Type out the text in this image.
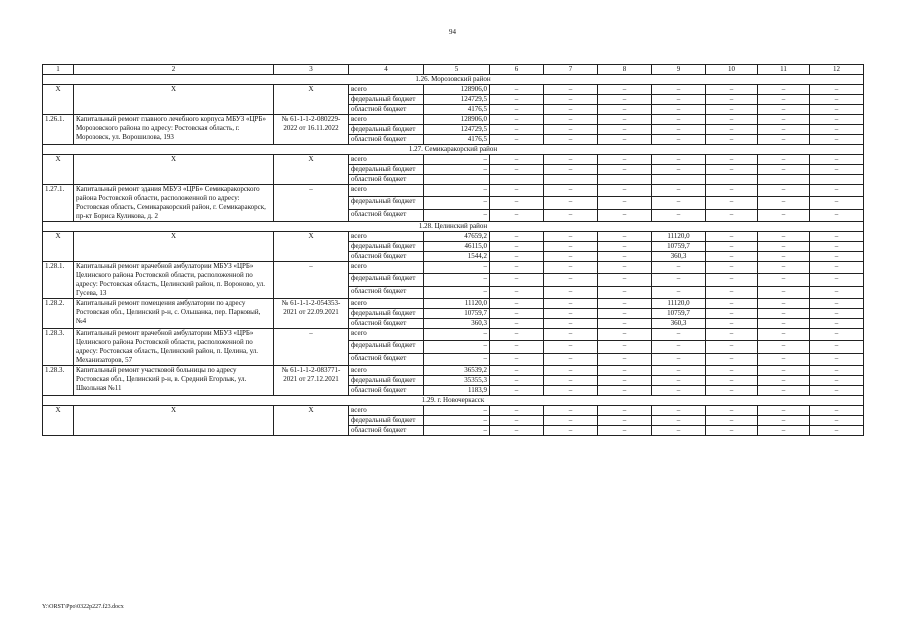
94
1	2	3	4	5	6	7	8	9	10	11	12
1.26. Морозовский район											
Х	Х	Х	всего	128906,0	–	–	–	–	–	–	–
			федеральный бюджет	124729,5	–	–	–	–	–	–	–
			областной бюджет	4176,5	–	–	–	–	–	–	–
1.26.1.	Капитальный ремонт главного лечебного корпуса МБУЗ «ЦРБ» Морозовского района по адресу: Ростовская область, г. Морозовск, ул. Ворошилова, 193	№ 61-1-1-2-080229-2022 от 16.11.2022	всего	128906,0	–	–	–	–	–	–	–
			федеральный бюджет	124729,5	–	–	–	–	–	–	–
			областной бюджет	4176,5	–	–	–	–	–	–	–
1.27. Семикаракорский район											
Х	Х	Х	всего	–	–	–	–	–	–	–	–
			федеральный бюджет	–	–	–	–	–	–	–	–
			областной бюджет								
1.27.1.	Капитальный ремонт здания МБУЗ «ЦРБ» Семикаракорского района Ростовской области, расположенной по адресу: Ростовская область, Семикаракорский район, г. Семикаракорск, пр-кт Бориса Куликова, д. 2	–	всего	–	–	–	–	–	–	–	–
			федеральный бюджет	–	–	–	–	–	–	–	–
			областной бюджет	–	–	–	–	–	–	–	–
1.28. Целинский район											
Х	Х	Х	всего	47659,2	–	–	–	11120,0	–	–	–
			федеральный бюджет	46115,0	–	–	–	10759,7	–	–	–
			областной бюджет	1544,2	–	–	–	360,3	–	–	–
1.28.1.	Капитальный ремонт врачебной амбулатории МБУЗ «ЦРБ» Целинского района Ростовской области, расположенной по адресу: Ростовская область, Целинский район, п. Вороново, ул. Гусева, 13	–	всего	–	–	–	–	–	–	–	–
			федеральный бюджет	–	–	–	–	–	–	–	–
			областной бюджет	–	–	–	–	–	–	–	–
1.28.2.	Капитальный ремонт помещения амбулатории по адресу Ростовская обл., Целинский р-н, с. Ольшанка, пер. Парковый, №4	№ 61-1-1-2-054353-2021 от 22.09.2021	всего	11120,0	–	–	–	11120,0	–	–	–
			федеральный бюджет	10759,7	–	–	–	10759,7	–	–	–
			областной бюджет	360,3	–	–	–	360,3	–	–	–
1.28.3.	Капитальный ремонт врачебной амбулатории МБУЗ «ЦРБ» Целинского района Ростовской области, расположенной по адресу: Ростовская область, Целинский район, п. Целина, ул. Механизаторов, 57	–	всего	–	–	–	–	–	–	–	–
			федеральный бюджет	–	–	–	–	–	–	–	–
			областной бюджет	–	–	–	–	–	–	–	–
1.28.3.	Капитальный ремонт участковой больницы по адресу Ростовская обл., Целинский р-н, в. Средний Егорлык, ул. Школьная №11	№ 61-1-1-2-083771-2021 от 27.12.2021	всего	36539,2	–	–	–	–	–	–	–
			федеральный бюджет	35355,3	–	–	–	–	–	–	–
			областной бюджет	1183,9	–	–	–	–	–	–	–
1.29. г. Новочеркасск											
Х	Х	Х	всего	–	–	–	–	–	–	–	–
			федеральный бюджет	–	–	–	–	–	–	–	–
			областной бюджет	–	–	–	–	–	–	–	–
Y:\ORST\Ppo\0322p227.f23.docx
